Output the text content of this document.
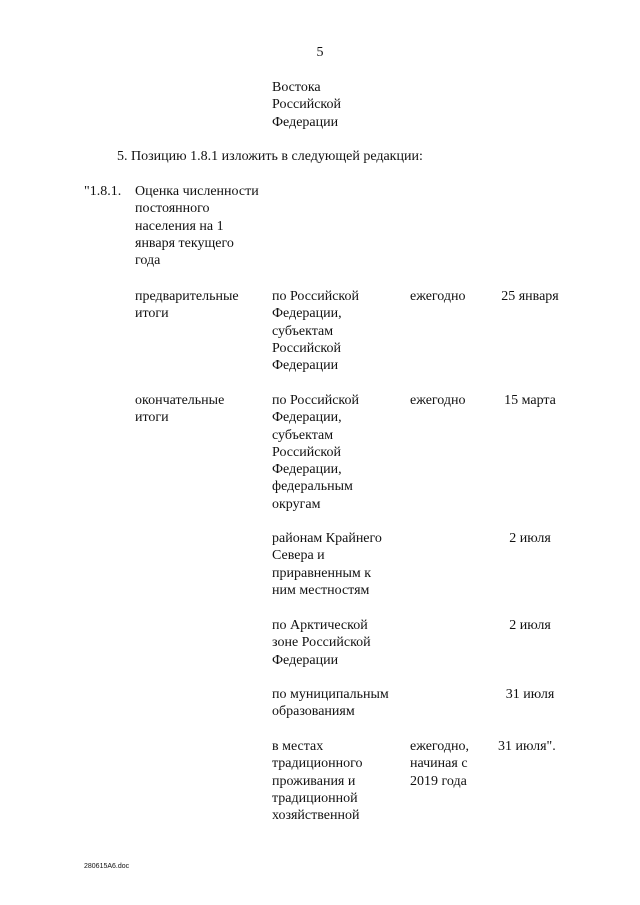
5
Востока
Российской
Федерации
5. Позицию 1.8.1 изложить в следующей редакции:
"1.8.1. Оценка численности
постоянного
населения на 1
января текущего
года
предварительные
итоги
по Российской
Федерации,
субъектам
Российской
Федерации
ежегодно	25 января
окончательные
итоги
по Российской
Федерации,
субъектам
Российской
Федерации,
федеральным
округам
ежегодно	15 марта
районам Крайнего
Севера и
приравненным к
ним местностям
2 июля
по Арктической
зоне Российской
Федерации
2 июля
по муниципальным
образованиям
31 июля
в местах
традиционного
проживания и
традиционной
хозяйственной
ежегодно,
начиная с
2019 года
31 июля".
280615A6.doc
